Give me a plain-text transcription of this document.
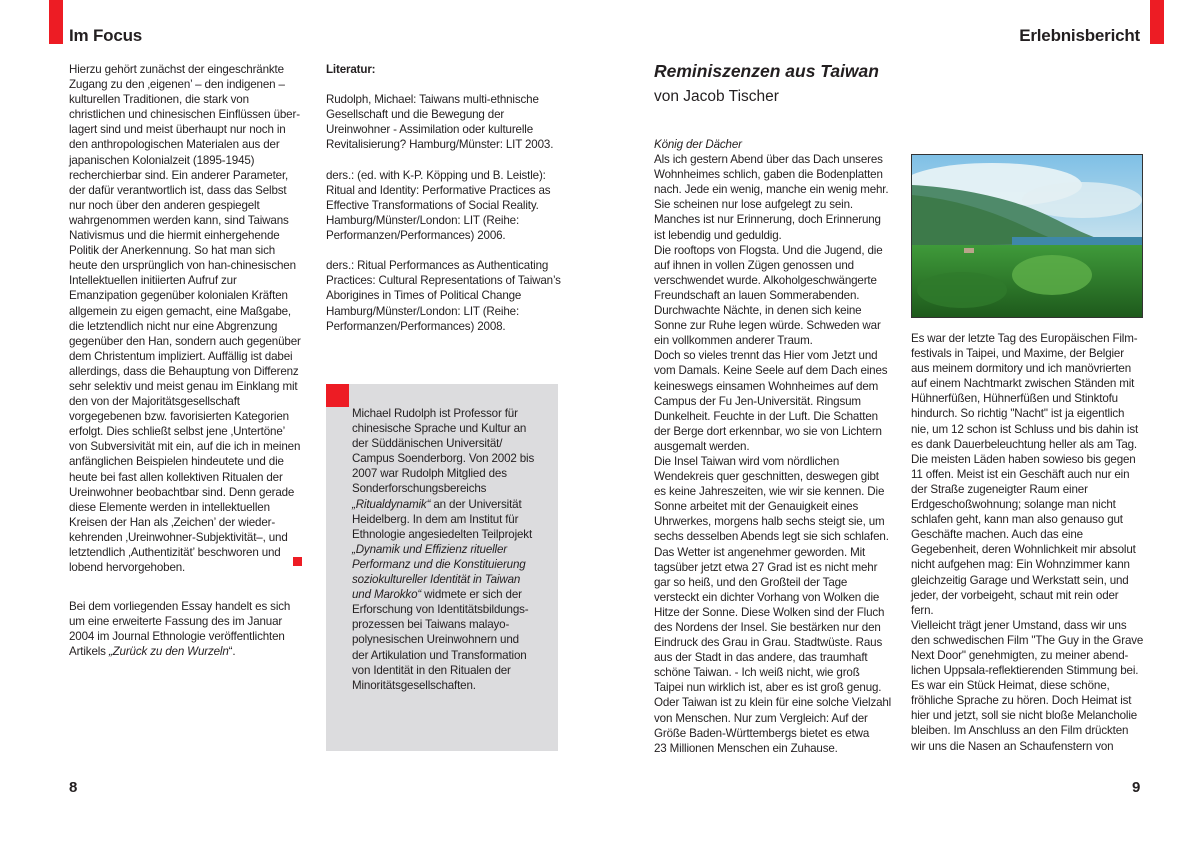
Im Focus
Hierzu gehört zunächst der eingeschränkte
Zugang zu den ‚eigenen’ – den indigenen –
kulturellen Traditionen, die stark von
christlichen und chinesischen Einflüssen über-
lagert sind und meist überhaupt nur noch in
den anthropologischen Materialen aus der
japanischen Kolonialzeit (1895-1945)
recherchierbar sind. Ein anderer Parameter,
der dafür verantwortlich ist, dass das Selbst
nur noch über den anderen gespiegelt
wahrgenommen werden kann, sind Taiwans
Nativismus und die hiermit einhergehende
Politik der Anerkennung. So hat man sich
heute den ursprünglich von han-chinesischen
Intellektuellen initiierten Aufruf zur
Emanzipation gegenüber kolonialen Kräften
allgemein zu eigen gemacht, eine Maßgabe,
die letztendlich nicht nur eine Abgrenzung
gegenüber den Han, sondern auch gegenüber
dem Christentum impliziert. Auffällig ist dabei
allerdings, dass die Behauptung von Differenz
sehr selektiv und meist genau im Einklang mit
den von der Majoritätsgesellschaft
vorgegebenen bzw. favorisierten Kategorien
erfolgt. Dies schließt selbst jene ‚Untertöne’
von Subversivität mit ein, auf die ich in meinen
anfänglichen Beispielen hindeutete und die
heute bei fast allen kollektiven Ritualen der
Ureinwohner beobachtbar sind. Denn gerade
diese Elemente werden in intellektuellen
Kreisen der Han als ‚Zeichen’ der wieder-
kehrenden ‚Ureinwohner-Subjektivität–, und
letztendlich ‚Authentizität’ beschworen und
lobend hervorgehoben.
Bei dem vorliegenden Essay handelt es sich
um eine erweiterte Fassung des im Januar
2004 im Journal Ethnologie veröffentlichten
Artikels „Zurück zu den Wurzeln“.
Literatur:
Rudolph, Michael: Taiwans multi-ethnische
Gesellschaft und die Bewegung der
Ureinwohner - Assimilation oder kulturelle
Revitalisierung? Hamburg/Münster: LIT 2003.
ders.: (ed. with K-P. Köpping und B. Leistle):
Ritual and Identity: Performative Practices as
Effective Transformations of Social Reality.
Hamburg/Münster/London: LIT (Reihe:
Performanzen/Performances) 2006.
ders.: Ritual Performances as Authenticating
Practices: Cultural Representations of Taiwan’s
Aborigines in Times of Political Change
Hamburg/Münster/London: LIT (Reihe:
Performanzen/Performances) 2008.
Michael Rudolph ist Professor für
chinesische Sprache und Kultur an
der Süddänischen Universität/
Campus Soenderborg. Von 2002 bis
2007 war Rudolph Mitglied des
Sonderforschungsbereichs
„Ritualdynamik“ an der Universität
Heidelberg. In dem am Institut für
Ethnologie angesiedelten Teilprojekt
„Dynamik und Effizienz ritueller
Performanz und die Konstituierung
soziokultureller Identität in Taiwan
und Marokko“ widmete er sich der
Erforschung von Identitätsbildungs-
prozessen bei Taiwans malayo-
polynesischen Ureinwohnern und
der Artikulation und Transformation
von Identität in den Ritualen der
Minoritätsgesellschaften.
8
Erlebnisbericht
Reminiszenzen aus Taiwan
von Jacob Tischer
König der Dächer
Als ich gestern Abend über das Dach unseres
Wohnheimes schlich, gaben die Bodenplatten
nach. Jede ein wenig, manche ein wenig mehr.
Sie scheinen nur lose aufgelegt zu sein.
Manches ist nur Erinnerung, doch Erinnerung
ist lebendig und geduldig.
Die rooftops von Flogsta. Und die Jugend, die
auf ihnen in vollen Zügen genossen und
verschwendet wurde. Alkoholgeschwängerte
Freundschaft an lauen Sommerabenden.
Durchwachte Nächte, in denen sich keine
Sonne zur Ruhe legen würde. Schweden war
ein vollkommen anderer Traum.
Doch so vieles trennt das Hier vom Jetzt und
vom Damals. Keine Seele auf dem Dach eines
keineswegs einsamen Wohnheimes auf dem
Campus der Fu Jen-Universität. Ringsum
Dunkelheit. Feuchte in der Luft. Die Schatten
der Berge dort erkennbar, wo sie von Lichtern
ausgemalt werden.
Die Insel Taiwan wird vom nördlichen
Wendekreis quer geschnitten, deswegen gibt
es keine Jahreszeiten, wie wir sie kennen. Die
Sonne arbeitet mit der Genauigkeit eines
Uhrwerkes, morgens halb sechs steigt sie, um
sechs desselben Abends legt sie sich schlafen.
Das Wetter ist angenehmer geworden. Mit
tagsüber jetzt etwa 27 Grad ist es nicht mehr
gar so heiß, und den Großteil der Tage
versteckt ein dichter Vorhang von Wolken die
Hitze der Sonne. Diese Wolken sind der Fluch
des Nordens der Insel. Sie bestärken nur den
Eindruck des Grau in Grau. Stadtwüste. Raus
aus der Stadt in das andere, das traumhaft
schöne Taiwan. - Ich weiß nicht, wie groß
Taipei nun wirklich ist, aber es ist groß genug.
Oder Taiwan ist zu klein für eine solche Vielzahl
von Menschen. Nur zum Vergleich: Auf der
Größe Baden-Württembergs bietet es etwa
23 Millionen Menschen ein Zuhause.
Es war der letzte Tag des Europäischen Film-
festivals in Taipei, und Maxime, der Belgier
aus meinem dormitory und ich manövrierten
auf einem Nachtmarkt zwischen Ständen mit
Hühnerfüßen, Hühnerfüßen und Stinktofu
hindurch. So richtig "Nacht" ist ja eigentlich
nie, um 12 schon ist Schluss und bis dahin ist
es dank Dauerbeleuchtung heller als am Tag.
Die meisten Läden haben sowieso bis gegen
11 offen. Meist ist ein Geschäft auch nur ein
der Straße zugeneigter Raum einer
Erdgeschoßwohnung; solange man nicht
schlafen geht, kann man also genauso gut
Geschäfte machen. Auch das eine
Gegebenheit, deren Wohnlichkeit mir absolut
nicht aufgehen mag: Ein Wohnzimmer kann
gleichzeitig Garage und Werkstatt sein, und
jeder, der vorbeigeht, schaut mit rein oder
fern.
Vielleicht trägt jener Umstand, dass wir uns
den schwedischen Film "The Guy in the Grave
Next Door" genehmigten, zu meiner abend-
lichen Uppsala-reflektierenden Stimmung bei.
Es war ein Stück Heimat, diese schöne,
fröhliche Sprache zu hören. Doch Heimat ist
hier und jetzt, soll sie nicht bloße Melancholie
bleiben. Im Anschluss an den Film drückten
wir uns die Nasen an Schaufenstern von
9
